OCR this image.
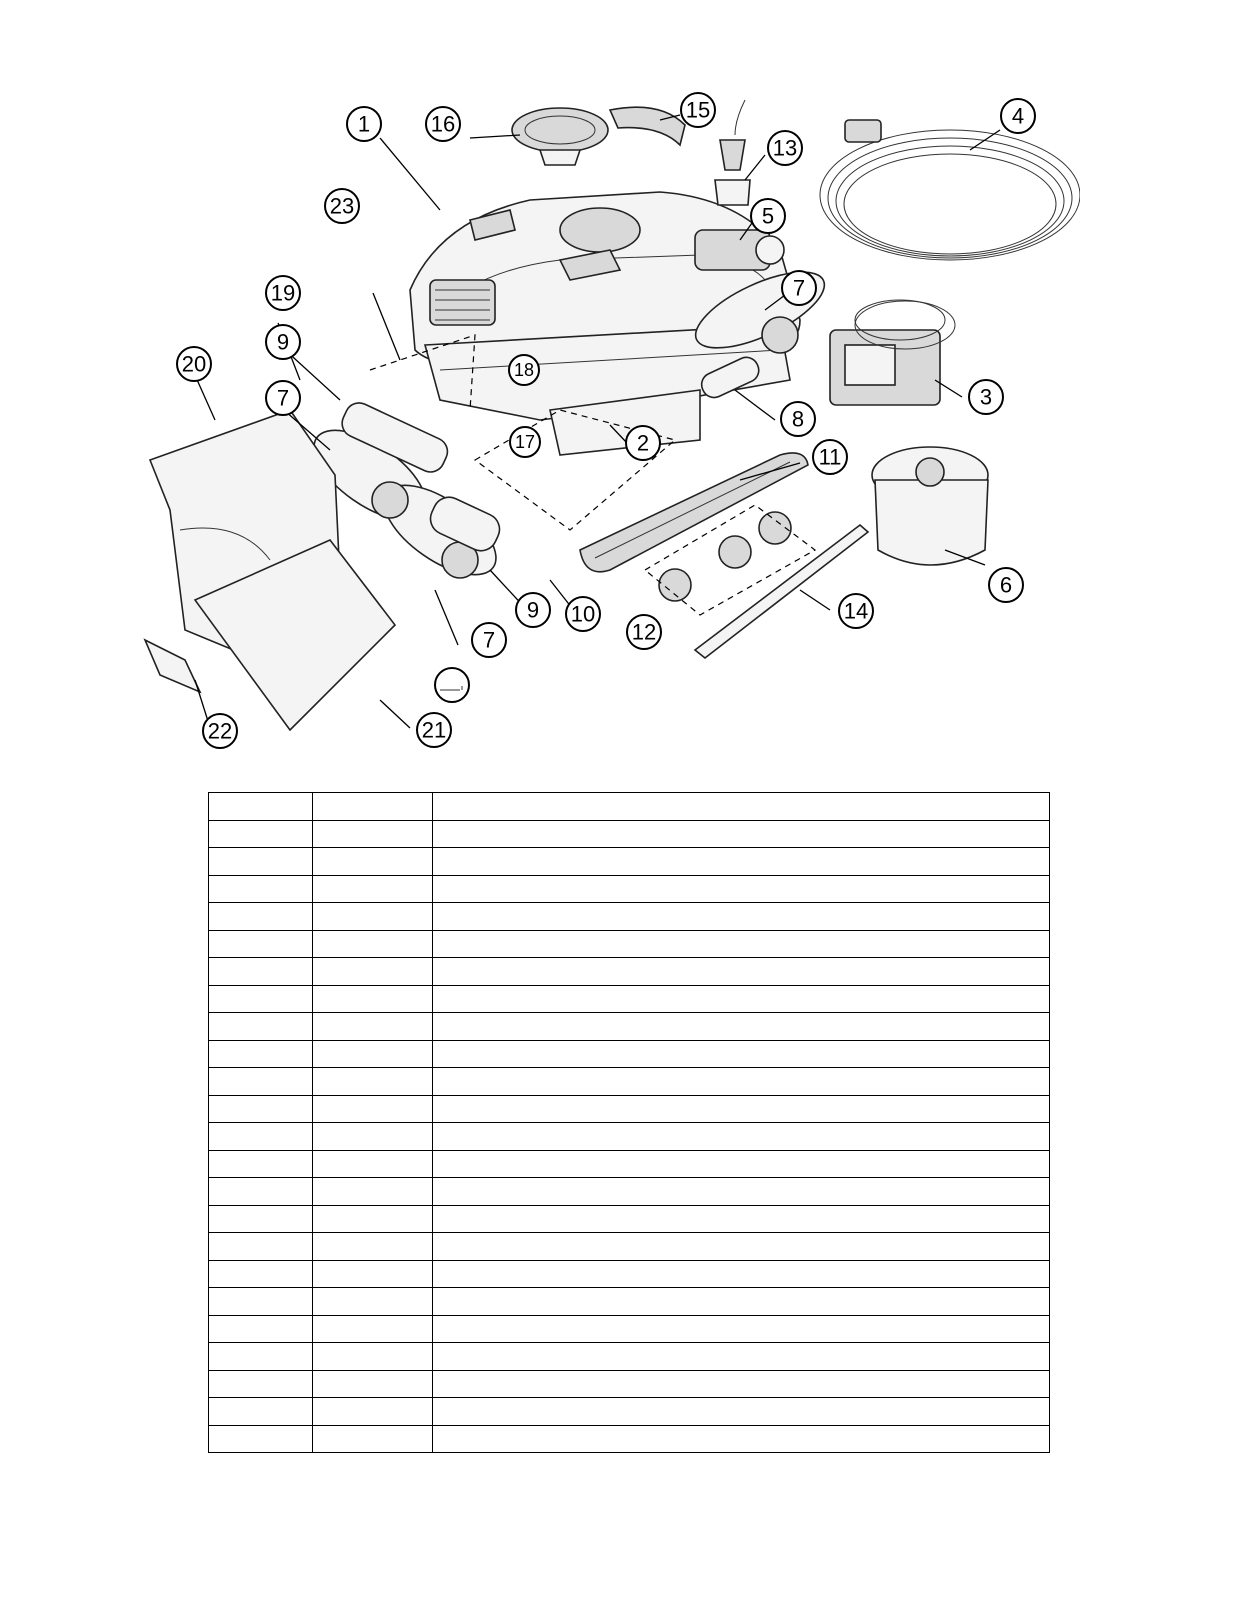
1
2
3
4
5
6
7
7
7
8
9
9 10
11
12
13
14
15
16
17
18
19
20
21
22
23
